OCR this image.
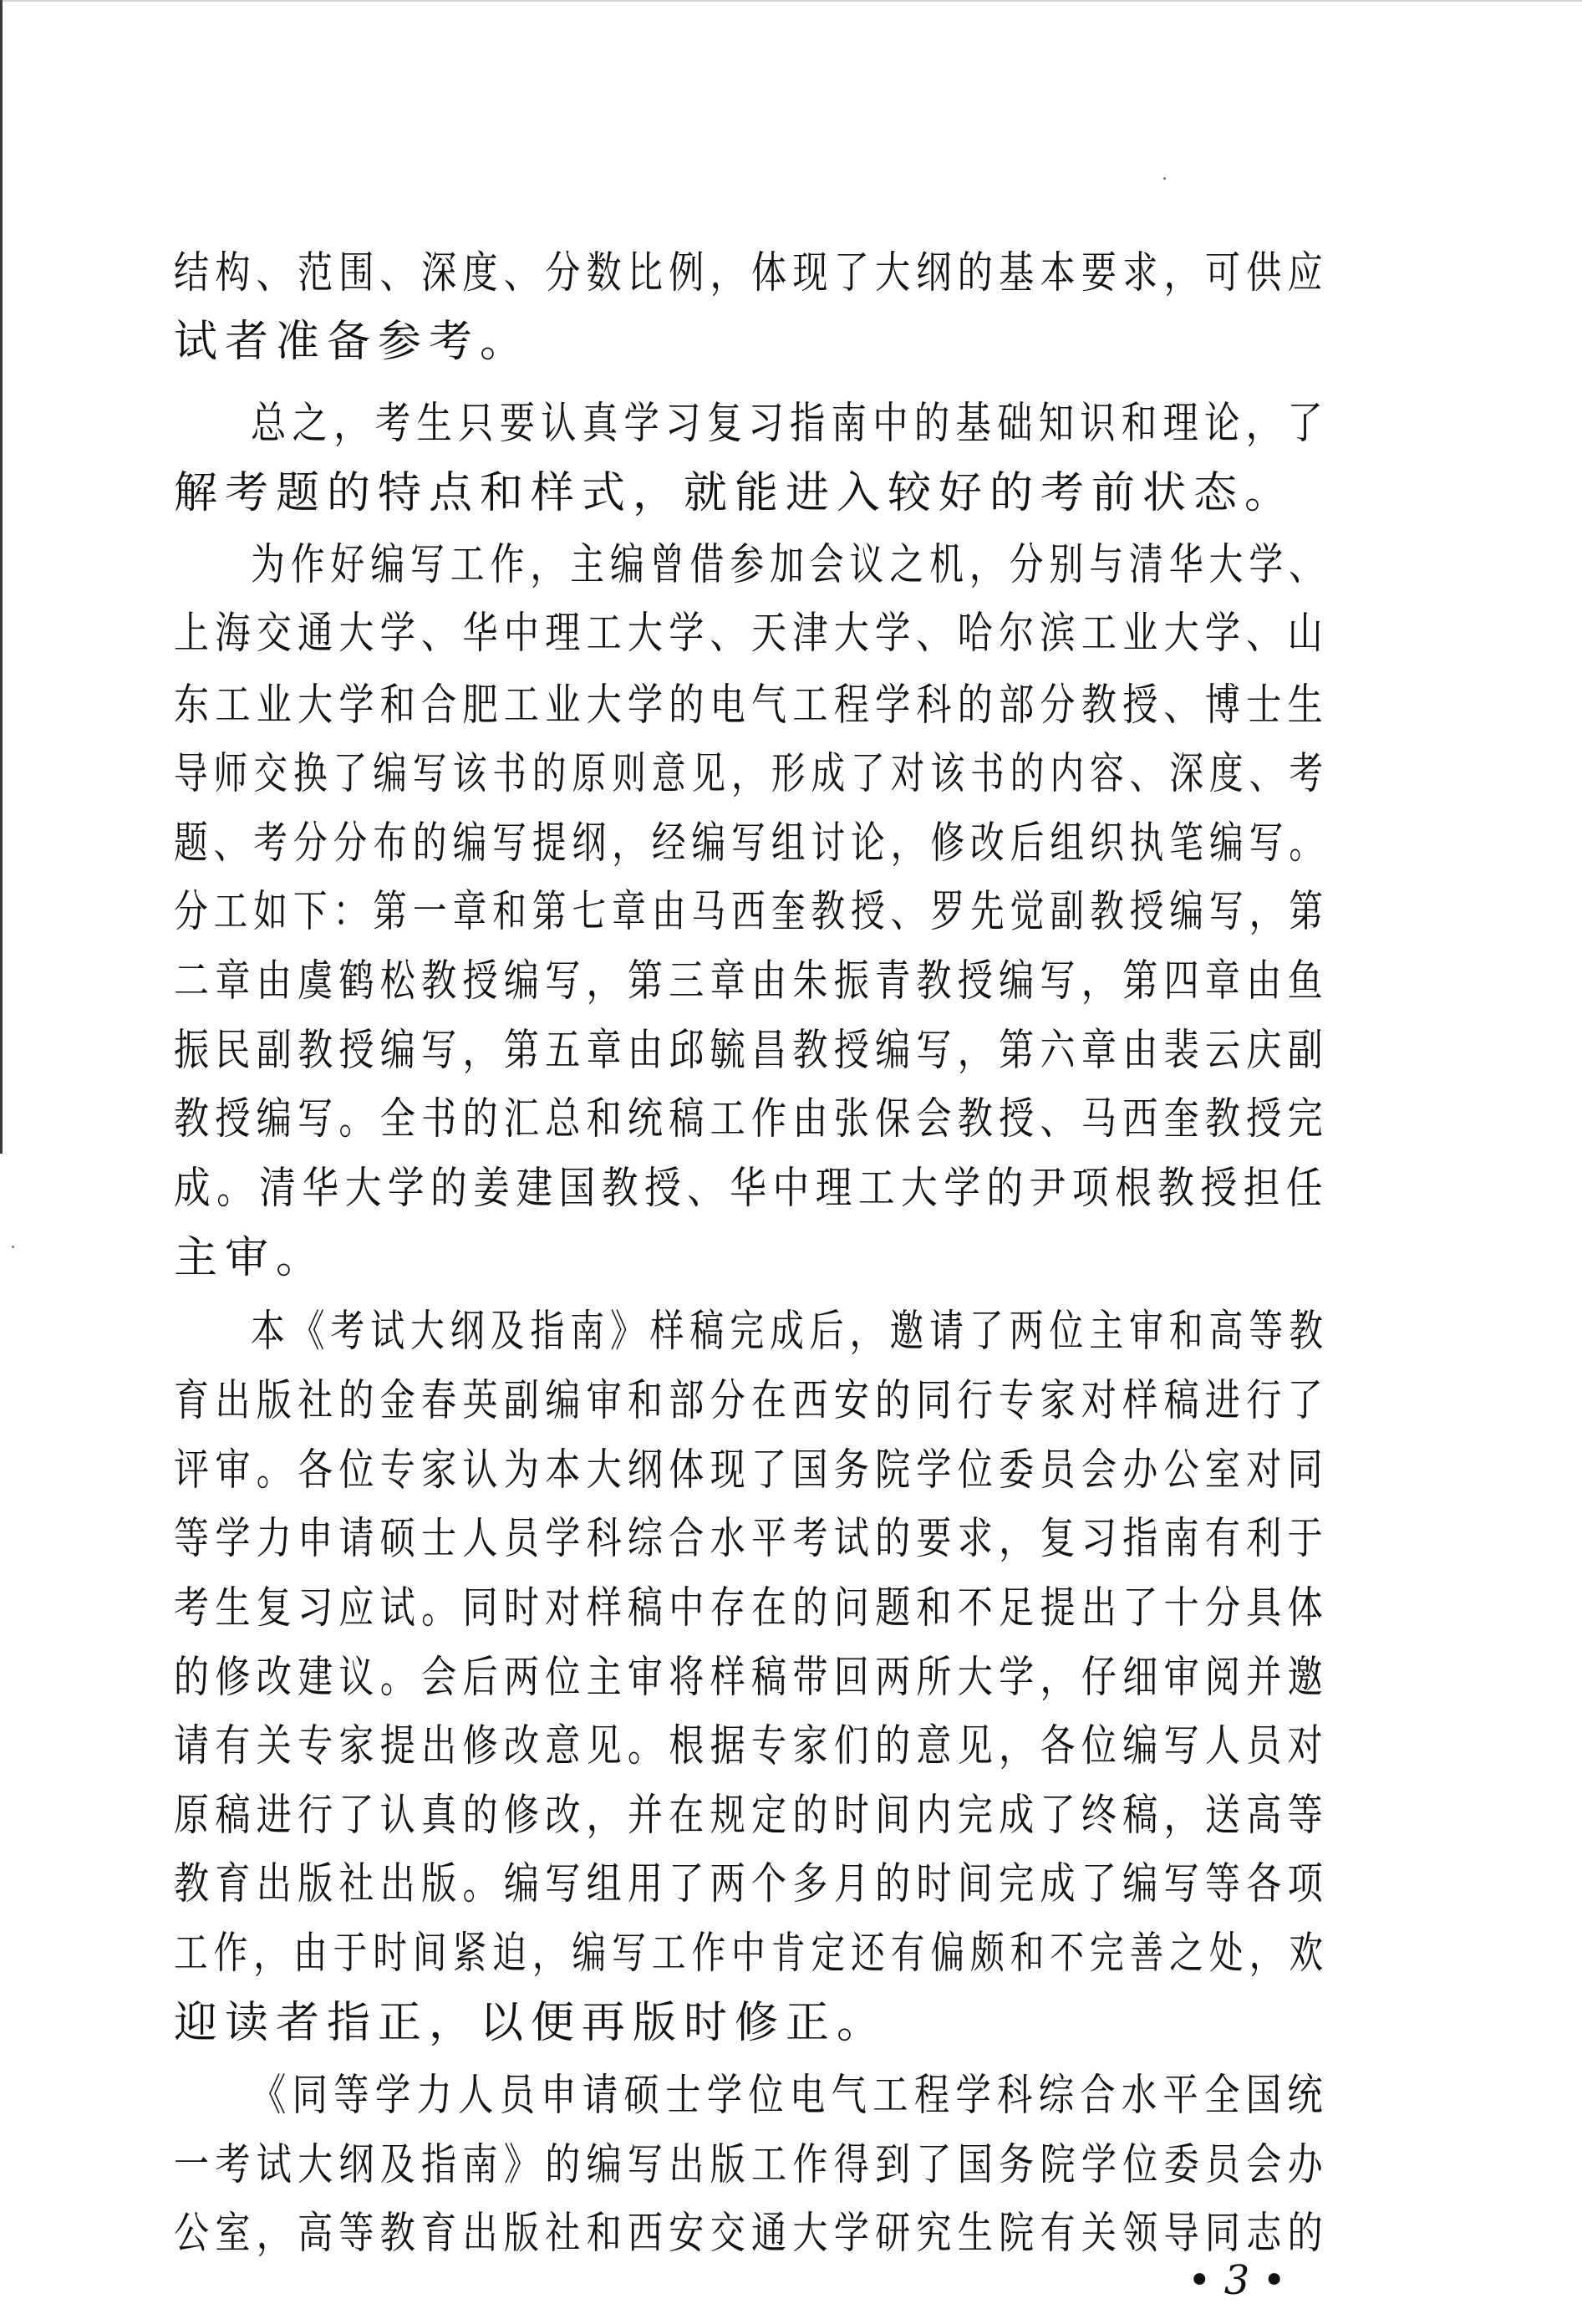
结构、范围、深度、分数比例，体现了大纲的基本要求，可供应
试者准备参考。
总之，考生只要认真学习复习指南中的基础知识和理论，了
解考题的特点和样式，就能进入较好的考前状态。
为作好编写工作，主编曾借参加会议之机，分别与清华大学、
上海交通大学、华中理工大学、天津大学、哈尔滨工业大学、山
东工业大学和合肥工业大学的电气工程学科的部分教授、博士生
导师交换了编写该书的原则意见，形成了对该书的内容、深度、考
题、考分分布的编写提纲，经编写组讨论，修改后组织执笔编写。
分工如下：第一章和第七章由马西奎教授、罗先觉副教授编写，第
二章由虞鹤松教授编写，第三章由朱振青教授编写，第四章由鱼
振民副教授编写，第五章由邱毓昌教授编写，第六章由裴云庆副
教授编写。全书的汇总和统稿工作由张保会教授、马西奎教授完
成。清华大学的姜建国教授、华中理工大学的尹项根教授担任
主审。
本《考试大纲及指南》样稿完成后，邀请了两位主审和高等教
育出版社的金春英副编审和部分在西安的同行专家对样稿进行了
评审。各位专家认为本大纲体现了国务院学位委员会办公室对同
等学力申请硕士人员学科综合水平考试的要求，复习指南有利于
考生复习应试。同时对样稿中存在的问题和不足提出了十分具体
的修改建议。会后两位主审将样稿带回两所大学，仔细审阅并邀
请有关专家提出修改意见。根据专家们的意见，各位编写人员对
原稿进行了认真的修改，并在规定的时间内完成了终稿，送高等
教育出版社出版。编写组用了两个多月的时间完成了编写等各项
工作，由于时间紧迫，编写工作中肯定还有偏颇和不完善之处，欢
迎读者指正，以便再版时修正。
《同等学力人员申请硕士学位电气工程学科综合水平全国统
一考试大纲及指南》的编写出版工作得到了国务院学位委员会办
公室，高等教育出版社和西安交通大学研究生院有关领导同志的
• 3 •
